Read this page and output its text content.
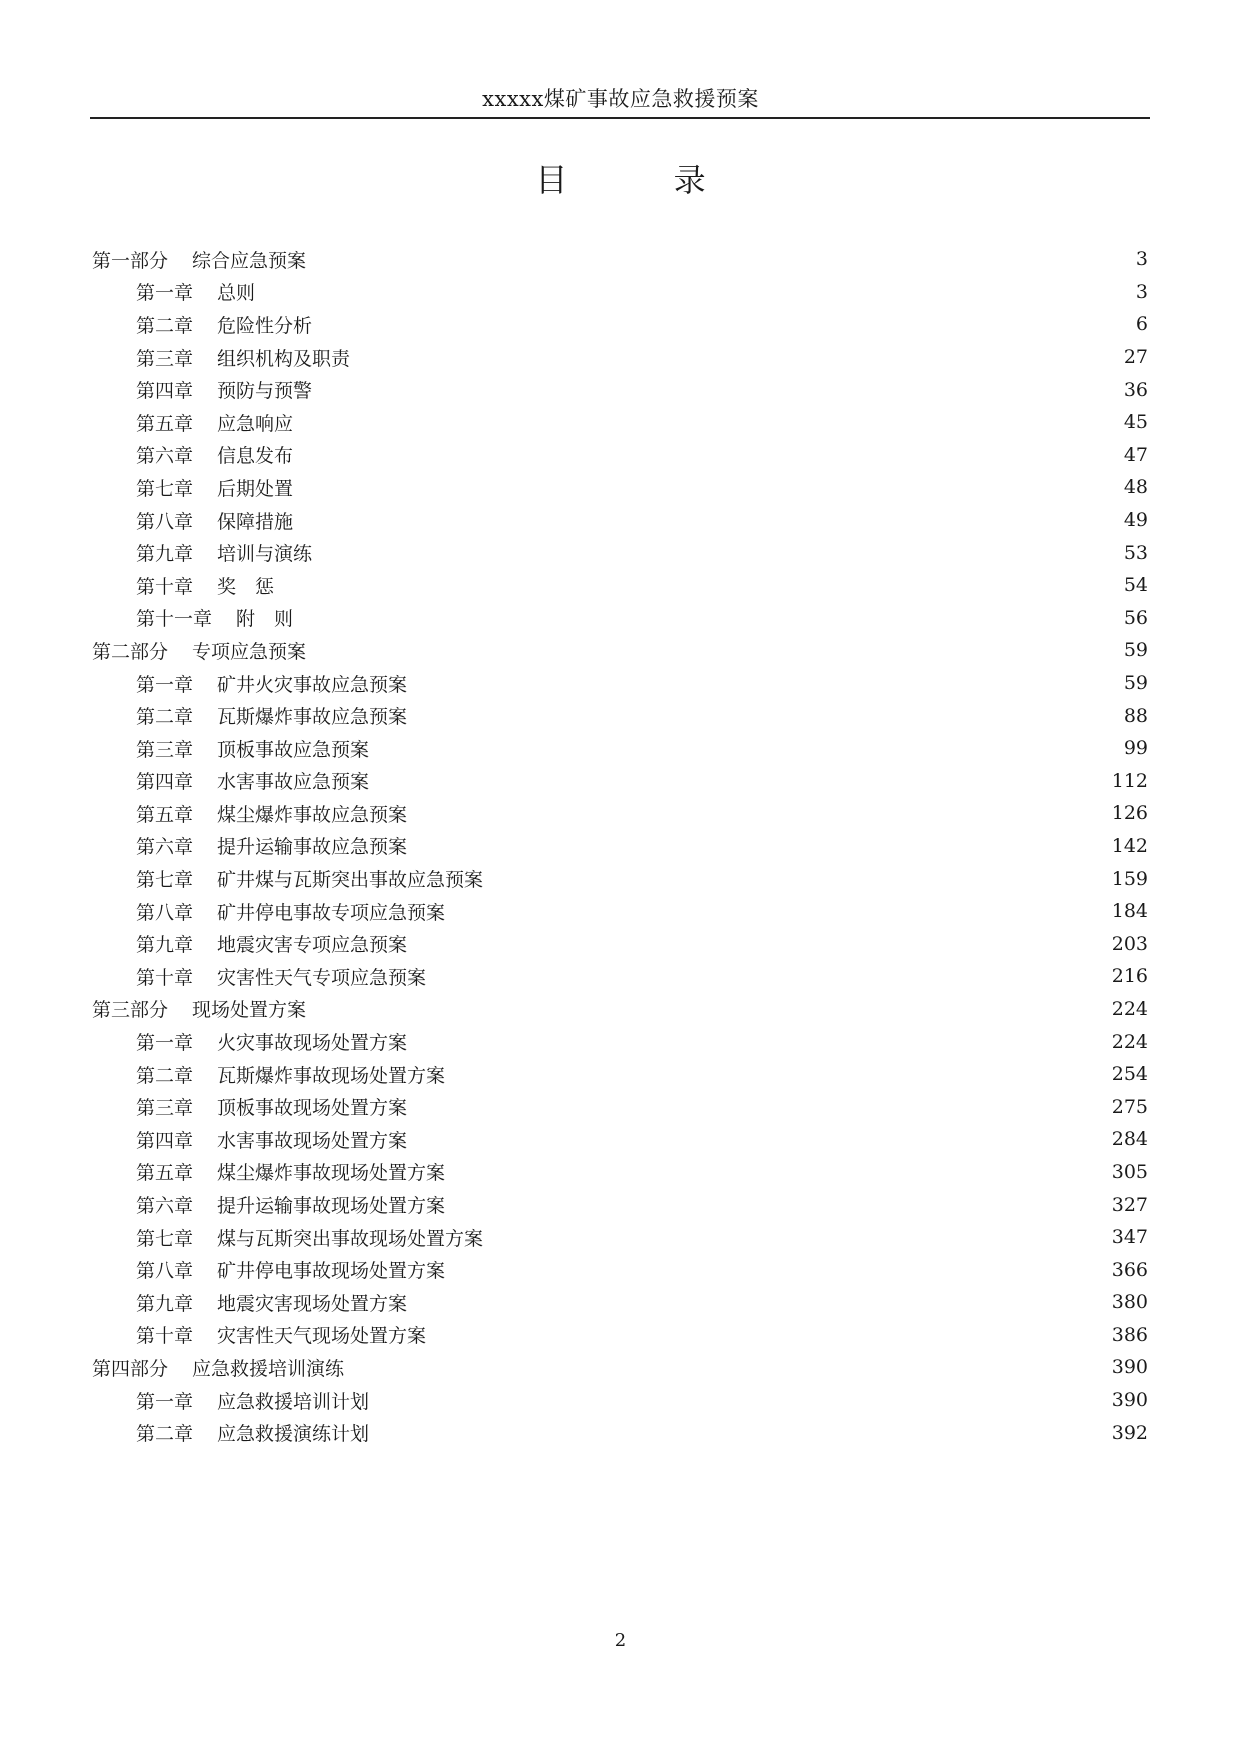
xxxxx煤矿事故应急救援预案
目 录
第一部分 综合应急预案	3
第一章 总则	3
第二章 危险性分析	6
第三章 组织机构及职责	27
第四章 预防与预警	36
第五章 应急响应	45
第六章 信息发布	47
第七章 后期处置	48
第八章 保障措施	49
第九章 培训与演练	53
第十章 奖　惩	54
第十一章 附　则	56
第二部分 专项应急预案	59
第一章 矿井火灾事故应急预案	59
第二章 瓦斯爆炸事故应急预案	88
第三章 顶板事故应急预案	99
第四章 水害事故应急预案	112
第五章 煤尘爆炸事故应急预案	126
第六章 提升运输事故应急预案	142
第七章 矿井煤与瓦斯突出事故应急预案	159
第八章 矿井停电事故专项应急预案	184
第九章 地震灾害专项应急预案	203
第十章 灾害性天气专项应急预案	216
第三部分 现场处置方案	224
第一章 火灾事故现场处置方案	224
第二章 瓦斯爆炸事故现场处置方案	254
第三章 顶板事故现场处置方案	275
第四章 水害事故现场处置方案	284
第五章 煤尘爆炸事故现场处置方案	305
第六章 提升运输事故现场处置方案	327
第七章 煤与瓦斯突出事故现场处置方案	347
第八章 矿井停电事故现场处置方案	366
第九章 地震灾害现场处置方案	380
第十章 灾害性天气现场处置方案	386
第四部分 应急救援培训演练	390
第一章 应急救援培训计划	390
第二章 应急救援演练计划	392
2
